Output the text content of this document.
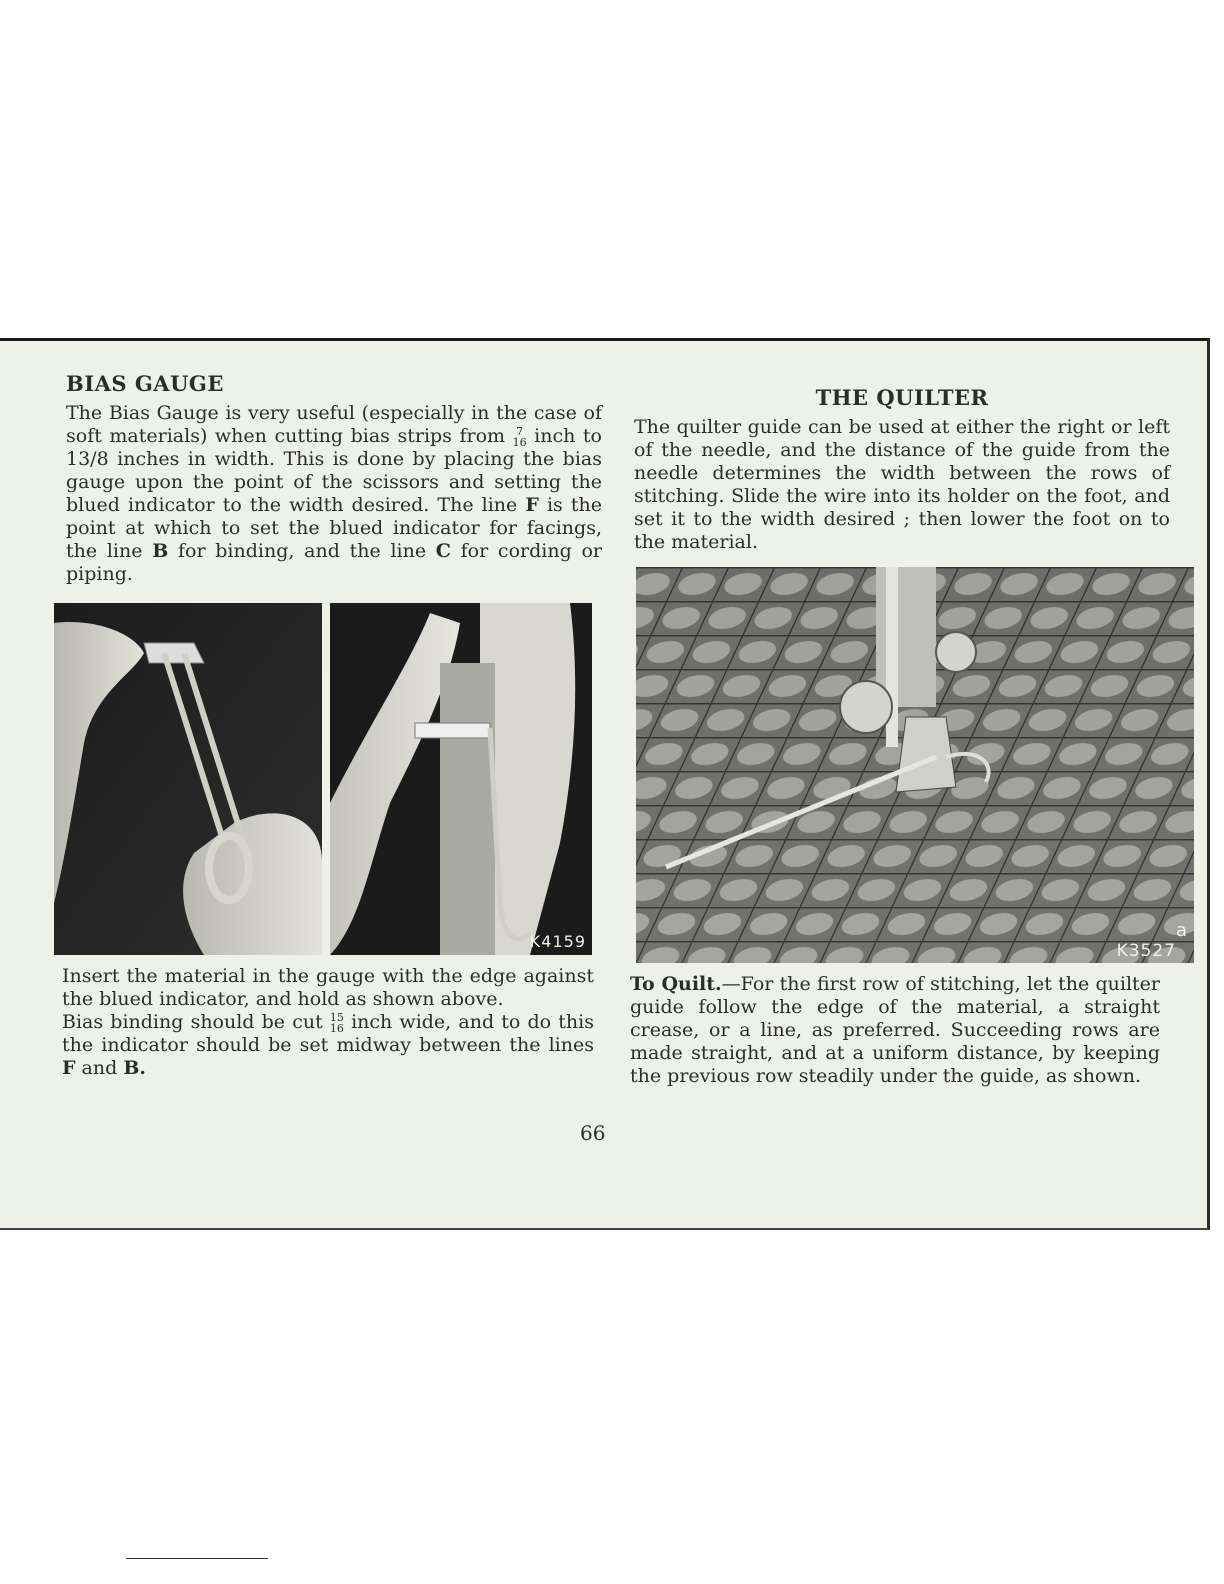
BIAS GAUGE

The Bias Gauge is very useful (especially in the case of soft materials) when cutting bias strips from 7
16 inch to 13/8 inches in width. This is done by placing the bias gauge upon the point of the scissors and setting the blued indicator to the width desired. The line F is the point at which to set the blued indicator for facings, the line B for binding, and the line C for cording or piping.

K4159

Insert the material in the gauge with the edge against the blued indicator, and hold as shown above.

Bias binding should be cut 15
16 inch wide, and to do this the indicator should be set midway between the lines F and B.

THE QUILTER

The quilter guide can be used at either the right or left of the needle, and the distance of the guide from the needle determines the width between the rows of stitching. Slide the wire into its holder on the foot, and set it to the width desired ; then lower the foot on to the material.

K3527
a

To Quilt.—For the first row of stitching, let the quilter guide follow the edge of the material, a straight crease, or a line, as preferred. Succeeding rows are made straight, and at a uniform distance, by keeping the previous row steadily under the guide, as shown.

66
